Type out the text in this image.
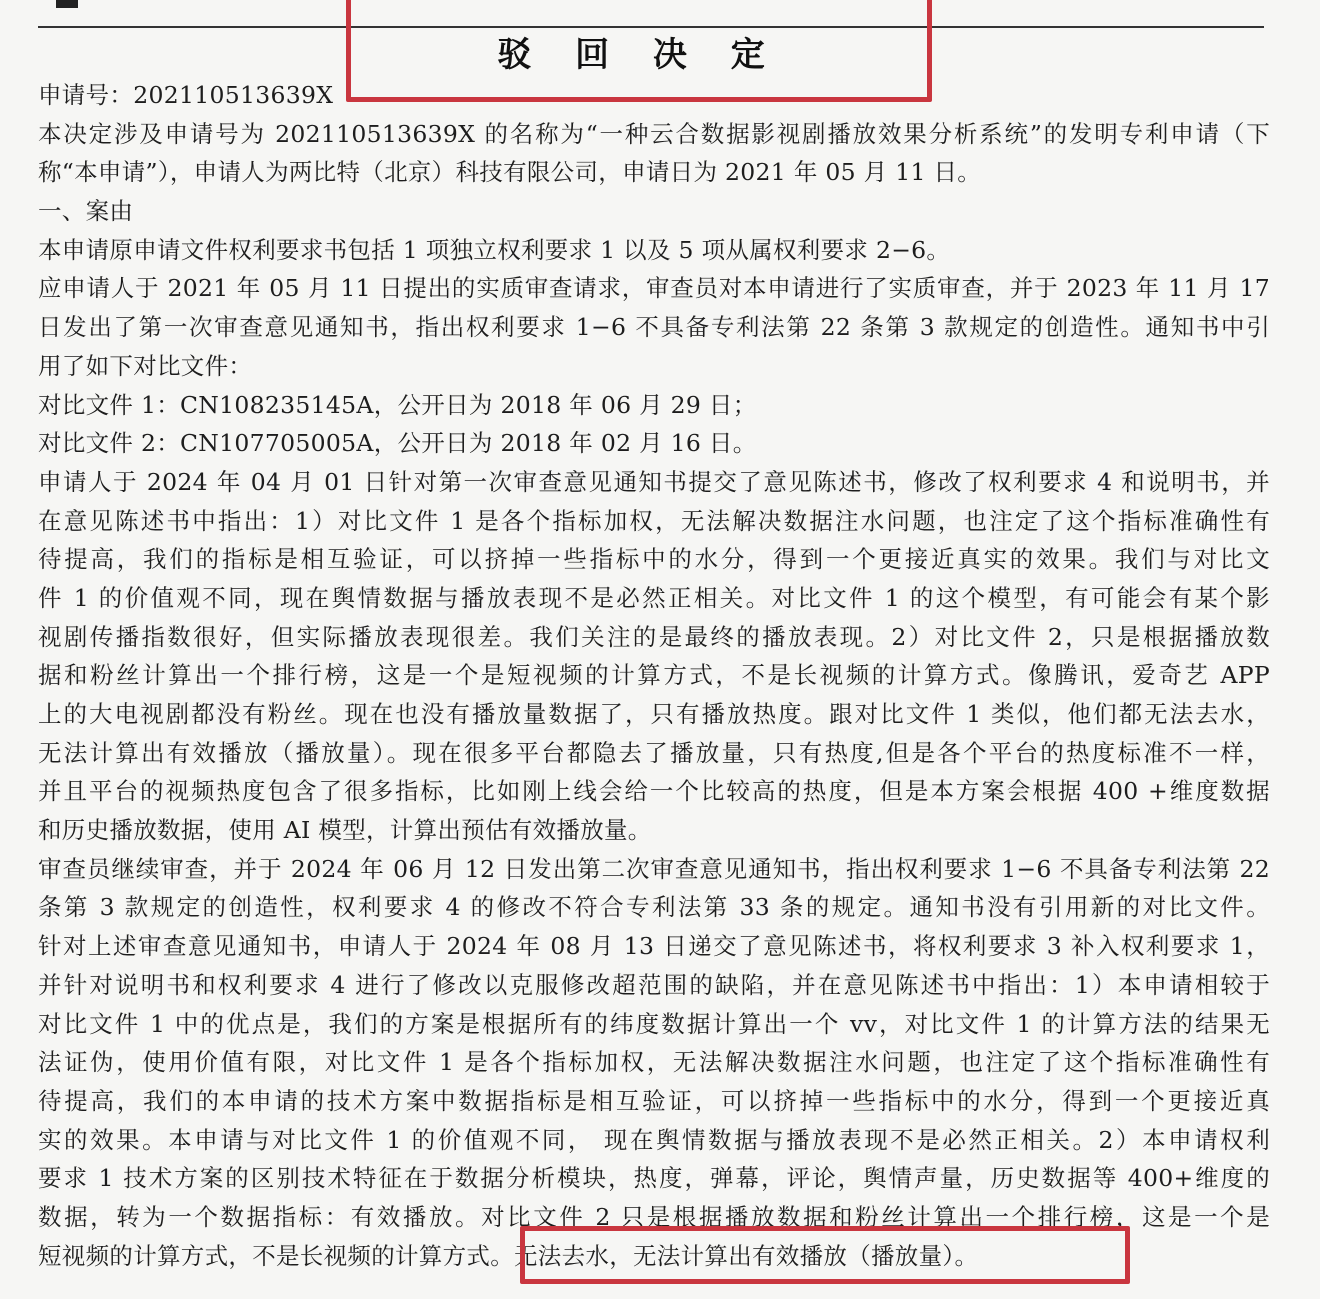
驳 回 决 定
申请号：202110513639X
本决定涉及申请号为 202110513639X 的名称为“一种云合数据影视剧播放效果分析系统”的发明专利申请（下
称“本申请”），申请人为两比特（北京）科技有限公司，申请日为 2021 年 05 月 11 日。
一、案由
本申请原申请文件权利要求书包括 1 项独立权利要求 1 以及 5 项从属权利要求 2−6。
应申请人于 2021 年 05 月 11 日提出的实质审查请求，审查员对本申请进行了实质审查，并于 2023 年 11 月 17
日发出了第一次审查意见通知书，指出权利要求 1−6 不具备专利法第 22 条第 3 款规定的创造性。通知书中引
用了如下对比文件：
对比文件 1：CN108235145A，公开日为 2018 年 06 月 29 日；
对比文件 2：CN107705005A，公开日为 2018 年 02 月 16 日。
申请人于 2024 年 04 月 01 日针对第一次审查意见通知书提交了意见陈述书，修改了权利要求 4 和说明书，并
在意见陈述书中指出：1）对比文件 1 是各个指标加权，无法解决数据注水问题，也注定了这个指标准确性有
待提高，我们的指标是相互验证，可以挤掉一些指标中的水分，得到一个更接近真实的效果。我们与对比文
件 1 的价值观不同，现在舆情数据与播放表现不是必然正相关。对比文件 1 的这个模型，有可能会有某个影
视剧传播指数很好，但实际播放表现很差。我们关注的是最终的播放表现。2）对比文件 2，只是根据播放数
据和粉丝计算出一个排行榜，这是一个是短视频的计算方式，不是长视频的计算方式。像腾讯，爱奇艺 APP
上的大电视剧都没有粉丝。现在也没有播放量数据了，只有播放热度。跟对比文件 1 类似，他们都无法去水，
无法计算出有效播放（播放量）。现在很多平台都隐去了播放量，只有热度,但是各个平台的热度标准不一样，
并且平台的视频热度包含了很多指标，比如刚上线会给一个比较高的热度，但是本方案会根据 400 +维度数据
和历史播放数据，使用 AI 模型，计算出预估有效播放量。
审查员继续审查，并于 2024 年 06 月 12 日发出第二次审查意见通知书，指出权利要求 1−6 不具备专利法第 22
条第 3 款规定的创造性，权利要求 4 的修改不符合专利法第 33 条的规定。通知书没有引用新的对比文件。
针对上述审查意见通知书，申请人于 2024 年 08 月 13 日递交了意见陈述书，将权利要求 3 补入权利要求 1，
并针对说明书和权利要求 4 进行了修改以克服修改超范围的缺陷，并在意见陈述书中指出：1）本申请相较于
对比文件 1 中的优点是，我们的方案是根据所有的纬度数据计算出一个 vv，对比文件 1 的计算方法的结果无
法证伪，使用价值有限，对比文件 1 是各个指标加权，无法解决数据注水问题，也注定了这个指标准确性有
待提高，我们的本申请的技术方案中数据指标是相互验证，可以挤掉一些指标中的水分，得到一个更接近真
实的效果。本申请与对比文件 1 的价值观不同， 现在舆情数据与播放表现不是必然正相关。2）本申请权利
要求 1 技术方案的区别技术特征在于数据分析模块，热度，弹幕，评论，舆情声量，历史数据等 400+维度的
数据，转为一个数据指标：有效播放。对比文件 2 只是根据播放数据和粉丝计算出一个排行榜，这是一个是
短视频的计算方式，不是长视频的计算方式。无法去水，无法计算出有效播放（播放量）。
